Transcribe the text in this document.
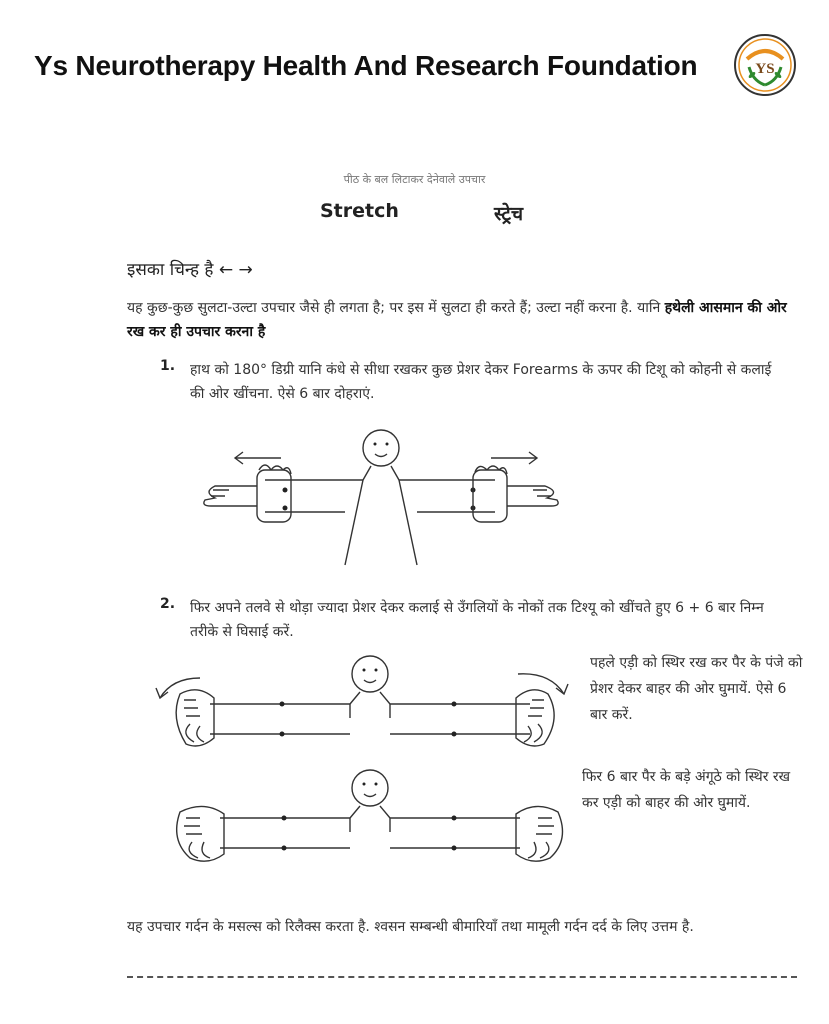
Ys Neurotherapy Health And Research Foundation	YS
पीठ के बल लिटाकर देनेवाले उपचार
Stretch	स्ट्रेच
इसका चिन्ह है ← →
यह कुछ-कुछ सुलटा-उल्टा उपचार जैसे ही लगता है; पर इस में सुलटा ही करते हैं; उल्टा नहीं करना है. यानि हथेली आसमान की ओर रख कर ही उपचार करना है
1. हाथ को 180° डिग्री यानि कंधे से सीधा रखकर कुछ प्रेशर देकर Forearms के ऊपर की टिशू को कोहनी से कलाई की ओर खींचना. ऐसे 6 बार दोहराएं.
2. फिर अपने तलवे से थोड़ा ज्यादा प्रेशर देकर कलाई से उँगलियों के नोकों तक टिश्यू को खींचते हुए 6 + 6 बार निम्न तरीके से घिसाई करें.
पहले एड़ी को स्थिर रख कर पैर के पंजे को प्रेशर देकर बाहर की ओर घुमायें. ऐसे 6 बार करें.
फिर 6 बार पैर के बड़े अंगूठे को स्थिर रख कर एड़ी को बाहर की ओर घुमायें.
यह उपचार गर्दन के मसल्स को रिलैक्स करता है. श्वसन सम्बन्धी बीमारियाँ तथा मामूली गर्दन दर्द के लिए उत्तम है.
